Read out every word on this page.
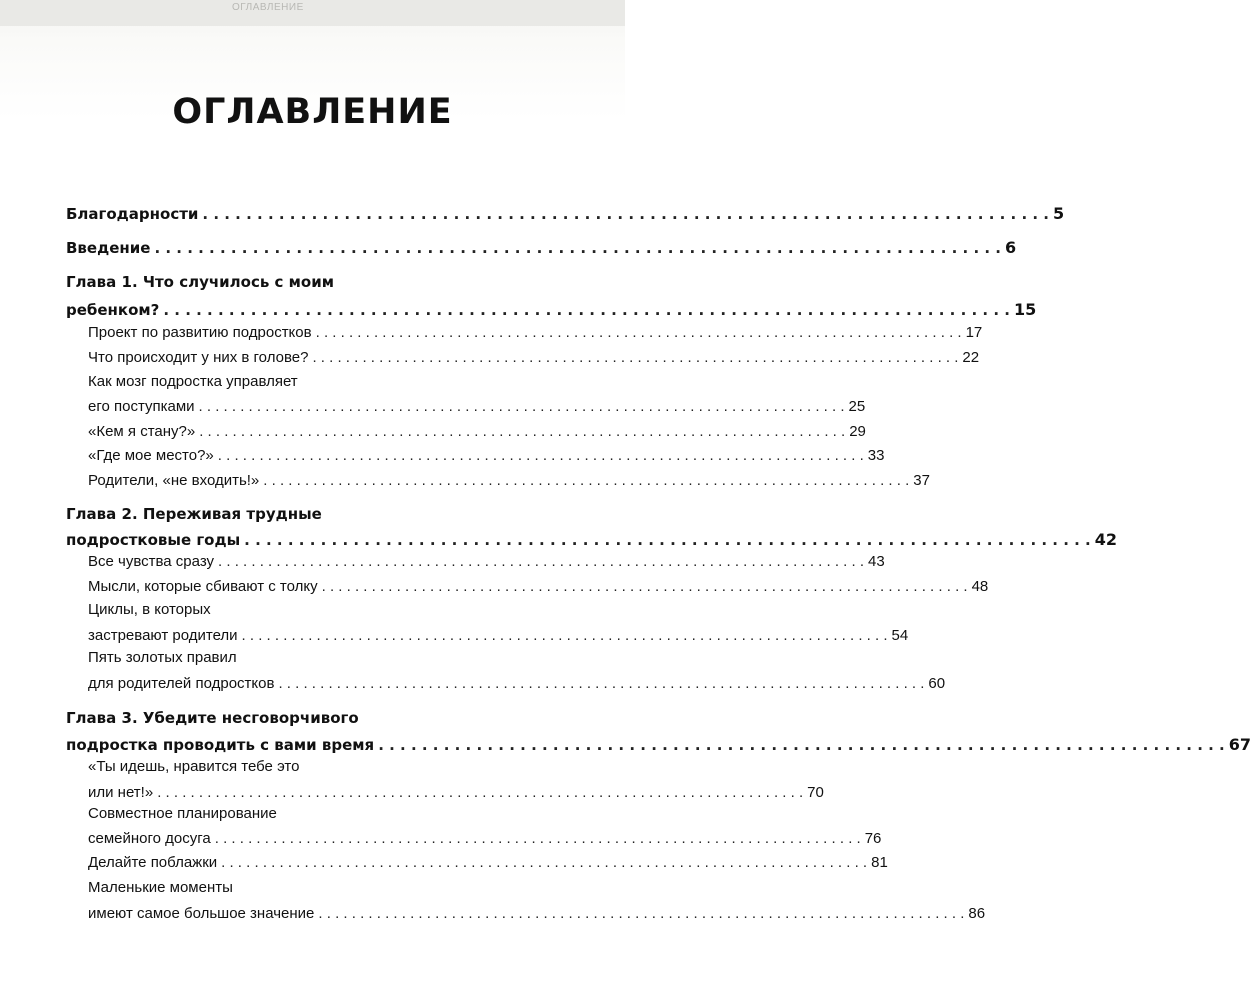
ОГЛАВЛЕНИЕ
ОГЛАВЛЕНИЕ
Благодарности . . . . . . . . . . . . . . . . . . . . . . . . . . . . . . . . . . . . . . . . . . . . . . . . . . . . . . . . . . . . . . . . . . . . . . . . . . . . . . 5
Введение . . . . . . . . . . . . . . . . . . . . . . . . . . . . . . . . . . . . . . . . . . . . . . . . . . . . . . . . . . . . . . . . . . . . . . . . . . . . . . 6
Глава 1. Что случилось с моим
ребенком? . . . . . . . . . . . . . . . . . . . . . . . . . . . . . . . . . . . . . . . . . . . . . . . . . . . . . . . . . . . . . . . . . . . . . . . . . . . . . . 15
Проект по развитию подростков . . . . . . . . . . . . . . . . . . . . . . . . . . . . . . . . . . . . . . . . . . . . . . . . . . . . . . . . . . . . . . . . . . . . . . . . . . . . . . 17
Что происходит у них в голове? . . . . . . . . . . . . . . . . . . . . . . . . . . . . . . . . . . . . . . . . . . . . . . . . . . . . . . . . . . . . . . . . . . . . . . . . . . . . . . 22
Как мозг подростка управляет
его поступками . . . . . . . . . . . . . . . . . . . . . . . . . . . . . . . . . . . . . . . . . . . . . . . . . . . . . . . . . . . . . . . . . . . . . . . . . . . . . . 25
«Кем я стану?» . . . . . . . . . . . . . . . . . . . . . . . . . . . . . . . . . . . . . . . . . . . . . . . . . . . . . . . . . . . . . . . . . . . . . . . . . . . . . . 29
«Где мое место?» . . . . . . . . . . . . . . . . . . . . . . . . . . . . . . . . . . . . . . . . . . . . . . . . . . . . . . . . . . . . . . . . . . . . . . . . . . . . . . 33
Родители, «не входить!» . . . . . . . . . . . . . . . . . . . . . . . . . . . . . . . . . . . . . . . . . . . . . . . . . . . . . . . . . . . . . . . . . . . . . . . . . . . . . . 37
Глава 2. Переживая трудные
подростковые годы . . . . . . . . . . . . . . . . . . . . . . . . . . . . . . . . . . . . . . . . . . . . . . . . . . . . . . . . . . . . . . . . . . . . . . . . . . . . . . 42
Все чувства сразу . . . . . . . . . . . . . . . . . . . . . . . . . . . . . . . . . . . . . . . . . . . . . . . . . . . . . . . . . . . . . . . . . . . . . . . . . . . . . . 43
Мысли, которые сбивают с толку . . . . . . . . . . . . . . . . . . . . . . . . . . . . . . . . . . . . . . . . . . . . . . . . . . . . . . . . . . . . . . . . . . . . . . . . . . . . . . 48
Циклы, в которых
застревают родители . . . . . . . . . . . . . . . . . . . . . . . . . . . . . . . . . . . . . . . . . . . . . . . . . . . . . . . . . . . . . . . . . . . . . . . . . . . . . . 54
Пять золотых правил
для родителей подростков . . . . . . . . . . . . . . . . . . . . . . . . . . . . . . . . . . . . . . . . . . . . . . . . . . . . . . . . . . . . . . . . . . . . . . . . . . . . . . 60
Глава 3. Убедите несговорчивого
подростка проводить с вами время . . . . . . . . . . . . . . . . . . . . . . . . . . . . . . . . . . . . . . . . . . . . . . . . . . . . . . . . . . . . . . . . . . . . . . . . . . . . . . 67
«Ты идешь, нравится тебе это
или нет!» . . . . . . . . . . . . . . . . . . . . . . . . . . . . . . . . . . . . . . . . . . . . . . . . . . . . . . . . . . . . . . . . . . . . . . . . . . . . . . 70
Совместное планирование
семейного досуга . . . . . . . . . . . . . . . . . . . . . . . . . . . . . . . . . . . . . . . . . . . . . . . . . . . . . . . . . . . . . . . . . . . . . . . . . . . . . . 76
Делайте поблажки . . . . . . . . . . . . . . . . . . . . . . . . . . . . . . . . . . . . . . . . . . . . . . . . . . . . . . . . . . . . . . . . . . . . . . . . . . . . . . 81
Маленькие моменты
имеют самое большое значение . . . . . . . . . . . . . . . . . . . . . . . . . . . . . . . . . . . . . . . . . . . . . . . . . . . . . . . . . . . . . . . . . . . . . . . . . . . . . . 86
